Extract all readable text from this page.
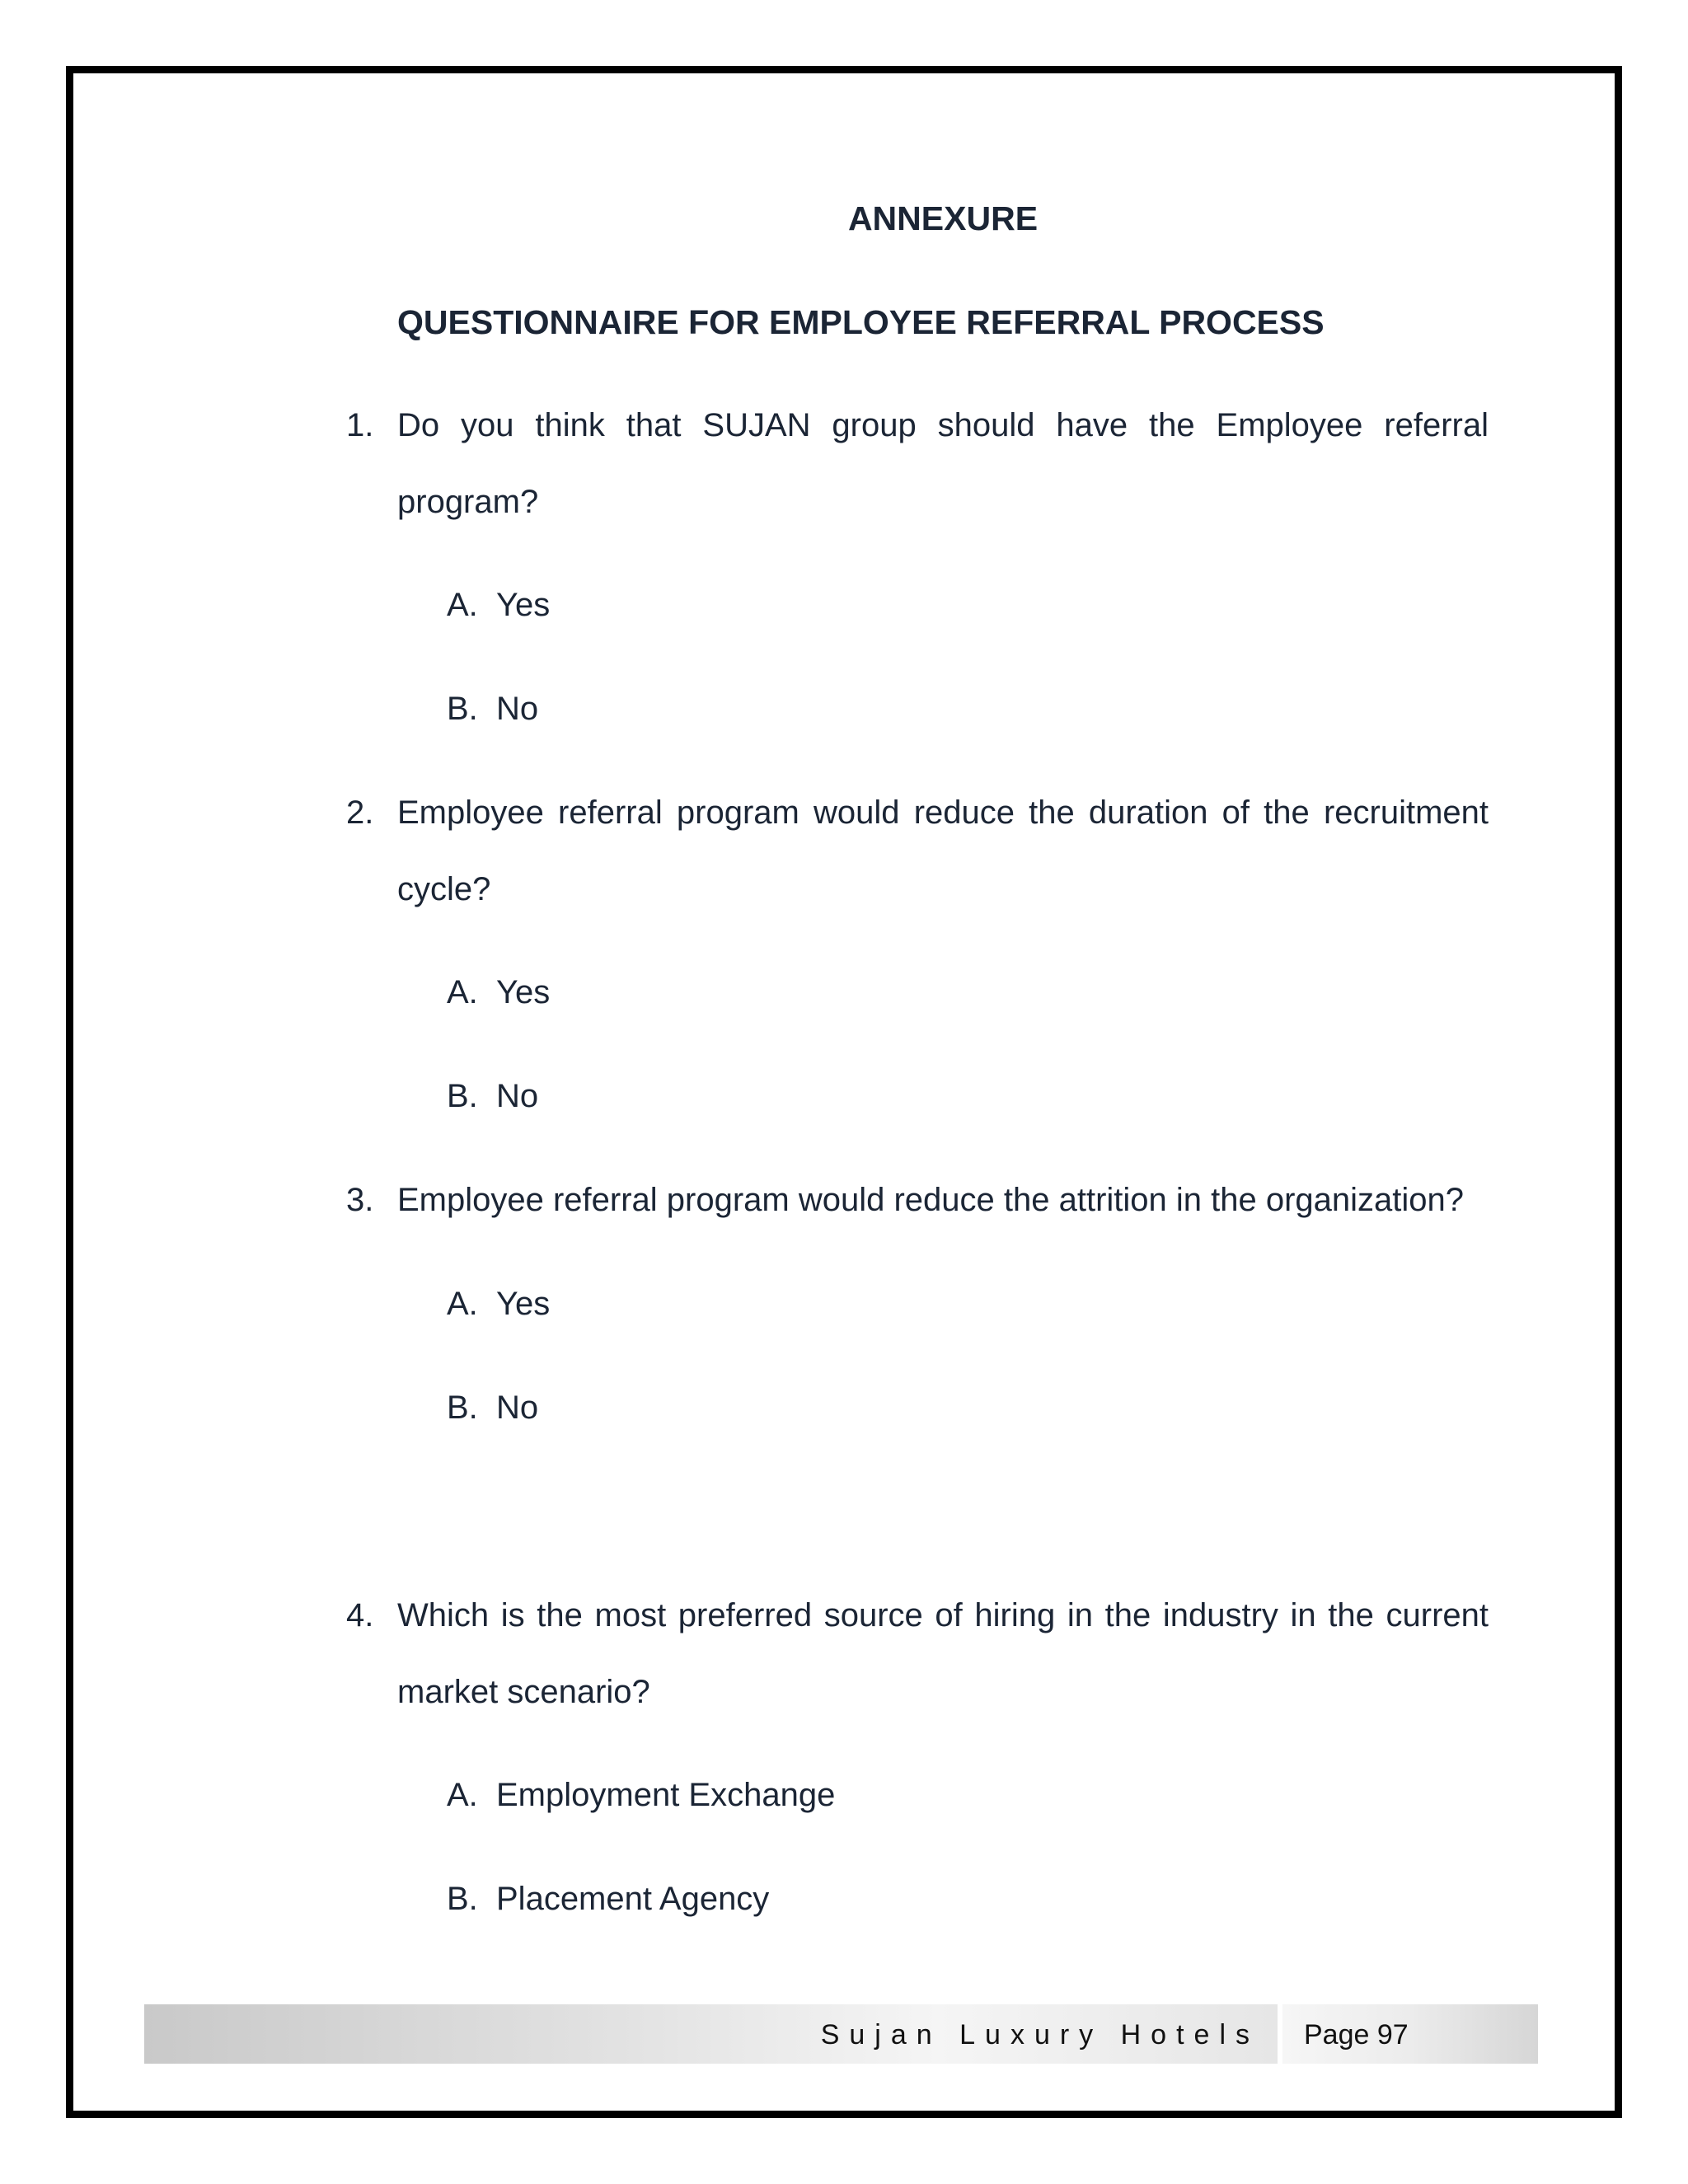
ANNEXURE
QUESTIONNAIRE FOR EMPLOYEE REFERRAL PROCESS
1. Do you think that SUJAN group should have the Employee referral program?
A. Yes
B. No
2. Employee referral program would reduce the duration of the recruitment cycle?
A. Yes
B. No
3. Employee referral program would reduce the attrition in the organization?
A. Yes
B. No
4. Which is the most preferred source of hiring in the industry in the current market scenario?
A. Employment Exchange
B. Placement Agency
Sujan Luxury Hotels Page 97
